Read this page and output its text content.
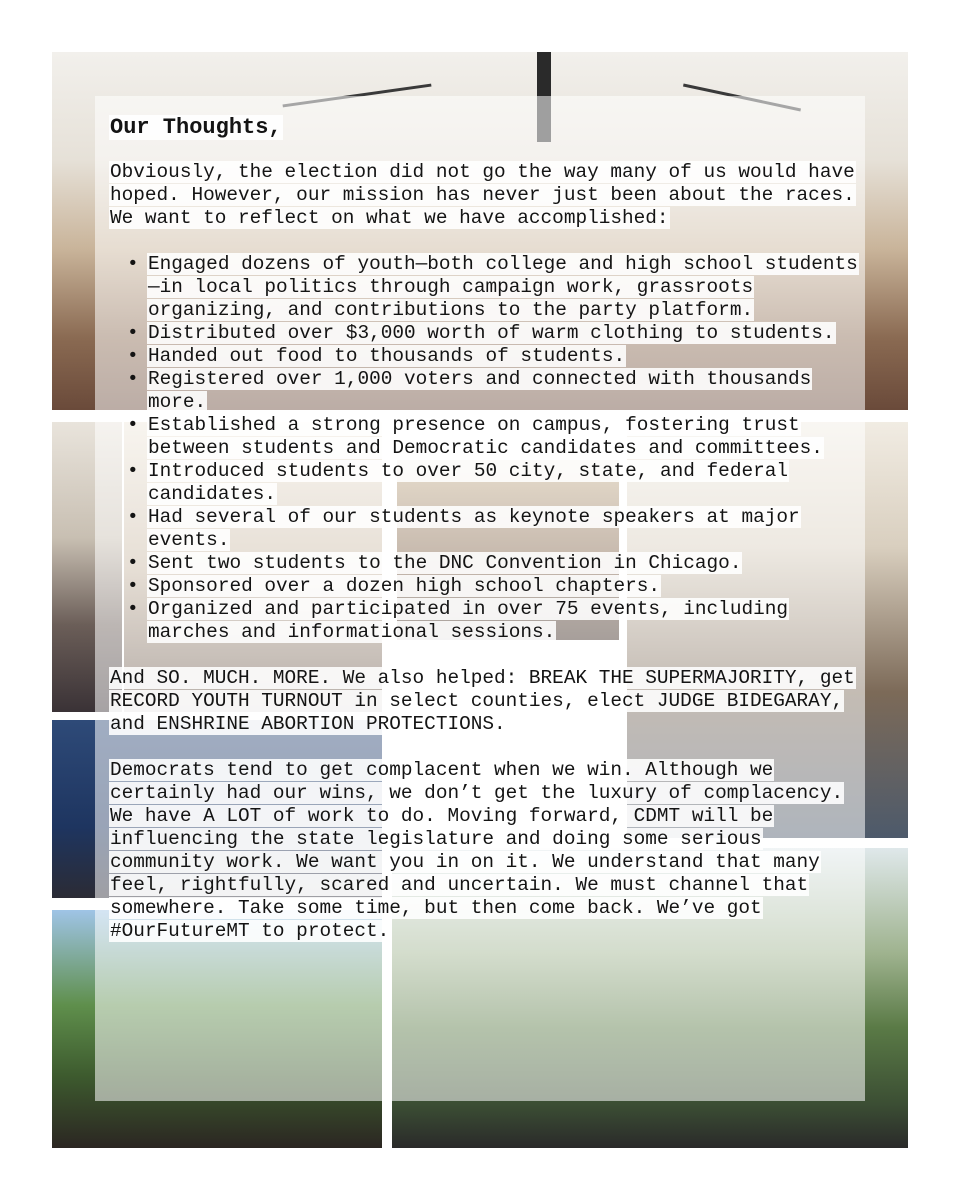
Our Thoughts,

Obviously, the election did not go the way many of us would have hoped. However, our mission has never just been about the races. We want to reflect on what we have accomplished:

• Engaged dozens of youth—both college and high school students—in local politics through campaign work, grassroots organizing, and contributions to the party platform.
• Distributed over $3,000 worth of warm clothing to students.
• Handed out food to thousands of students.
• Registered over 1,000 voters and connected with thousands more.
• Established a strong presence on campus, fostering trust between students and Democratic candidates and committees.
• Introduced students to over 50 city, state, and federal candidates.
• Had several of our students as keynote speakers at major events.
• Sent two students to the DNC Convention in Chicago.
• Sponsored over a dozen high school chapters.
• Organized and participated in over 75 events, including marches and informational sessions.

And SO. MUCH. MORE. We also helped: BREAK THE SUPERMAJORITY, get RECORD YOUTH TURNOUT in select counties, elect JUDGE BIDEGARAY, and ENSHRINE ABORTION PROTECTIONS.

Democrats tend to get complacent when we win. Although we certainly had our wins, we don’t get the luxury of complacency. We have A LOT of work to do. Moving forward, CDMT will be influencing the state legislature and doing some serious community work. We want you in on it. We understand that many feel, rightfully, scared and uncertain. We must channel that somewhere. Take some time, but then come back. We’ve got #OurFutureMT to protect.
